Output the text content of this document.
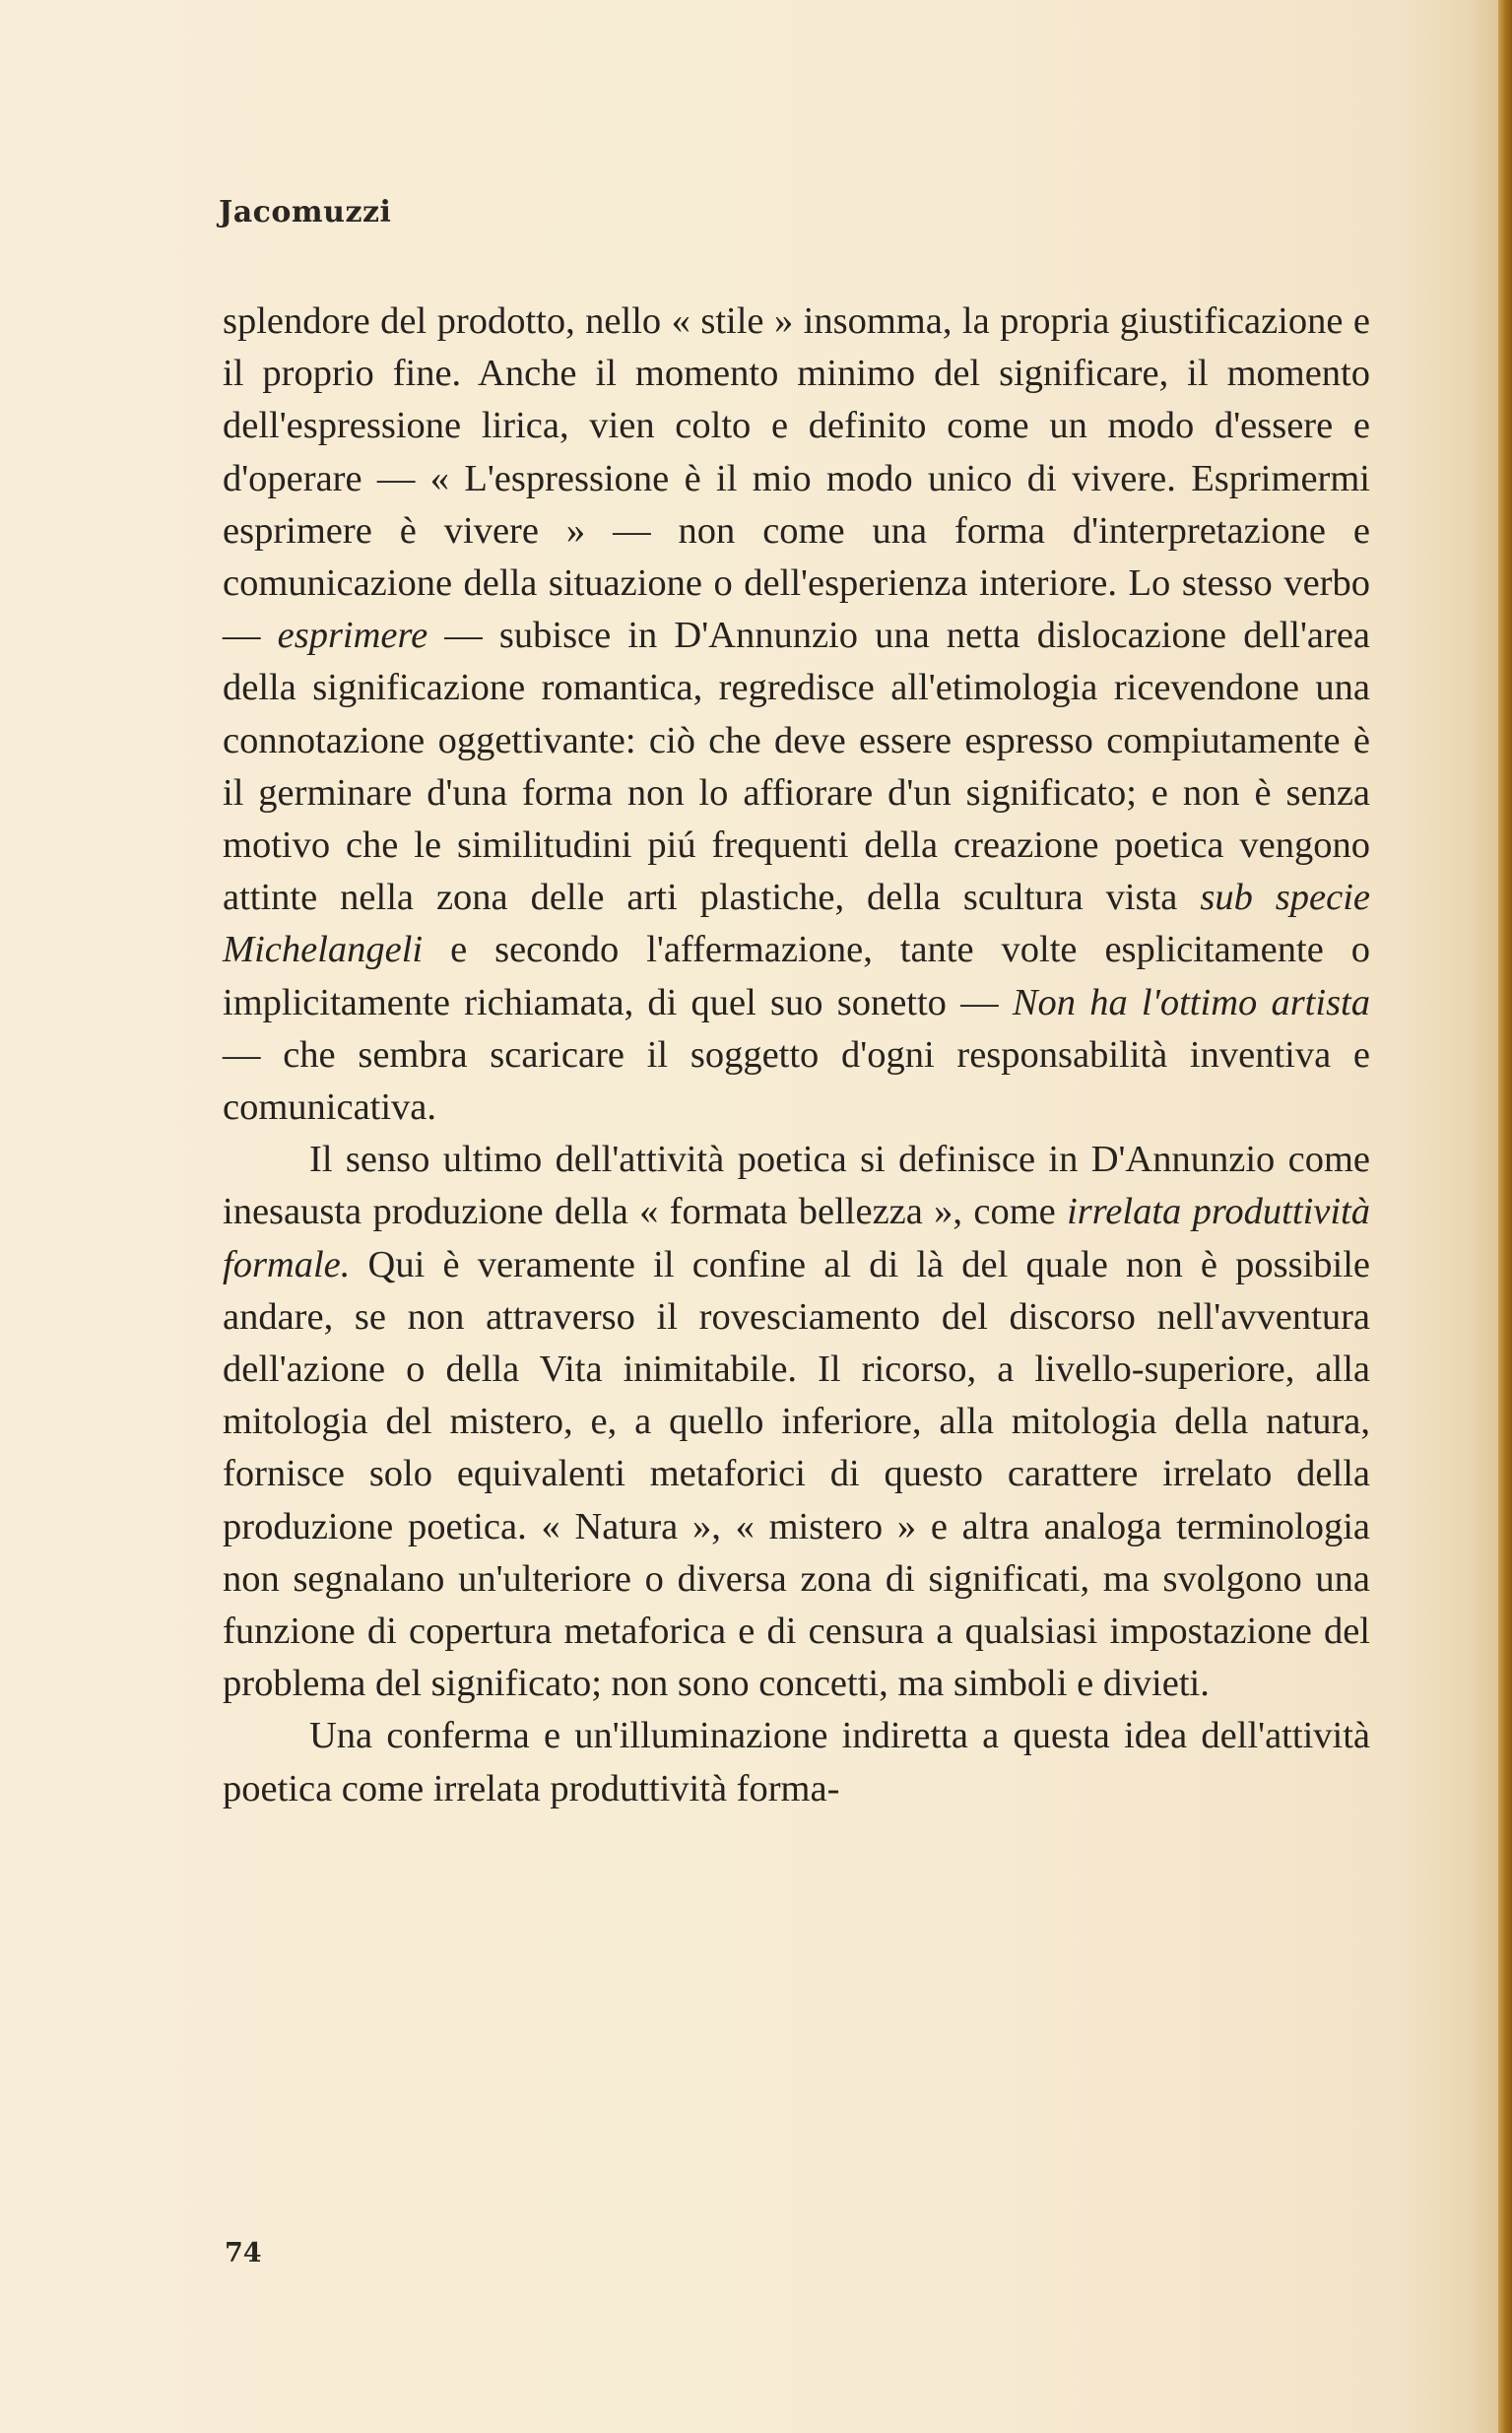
Jacomuzzi

splendore del prodotto, nello « stile » insomma, la propria giustificazione e il proprio fine. Anche il momento minimo del significare, il momento dell'espressione lirica, vien colto e definito come un modo d'essere e d'operare — « L'espressione è il mio modo unico di vivere. Esprimermi esprimere è vivere » — non come una forma d'interpretazione e comunicazione della situazione o dell'esperienza interiore. Lo stesso verbo — esprimere — subisce in D'Annunzio una netta dislocazione dell'area della significazione romantica, regredisce all'etimologia ricevendone una connotazione oggettivante: ciò che deve essere espresso compiutamente è il germinare d'una forma non lo affiorare d'un significato; e non è senza motivo che le similitudini piú frequenti della creazione poetica vengono attinte nella zona delle arti plastiche, della scultura vista sub specie Michelangeli e secondo l'affermazione, tante volte esplicitamente o implicitamente richiamata, di quel suo sonetto — Non ha l'ottimo artista — che sembra scaricare il soggetto d'ogni responsabilità inventiva e comunicativa.

Il senso ultimo dell'attività poetica si definisce in D'Annunzio come inesausta produzione della « formata bellezza », come irrelata produttività formale. Qui è veramente il confine al di là del quale non è possibile andare, se non attraverso il rovesciamento del discorso nell'avventura dell'azione o della Vita inimitabile. Il ricorso, a livello-superiore, alla mitologia del mistero, e, a quello inferiore, alla mitologia della natura, fornisce solo equivalenti metaforici di questo carattere irrelato della produzione poetica. « Natura », « mistero » e altra analoga terminologia non segnalano un'ulteriore o diversa zona di significati, ma svolgono una funzione di copertura metaforica e di censura a qualsiasi impostazione del problema del significato; non sono concetti, ma simboli e divieti.

Una conferma e un'illuminazione indiretta a questa idea dell'attività poetica come irrelata produttività forma-

74
